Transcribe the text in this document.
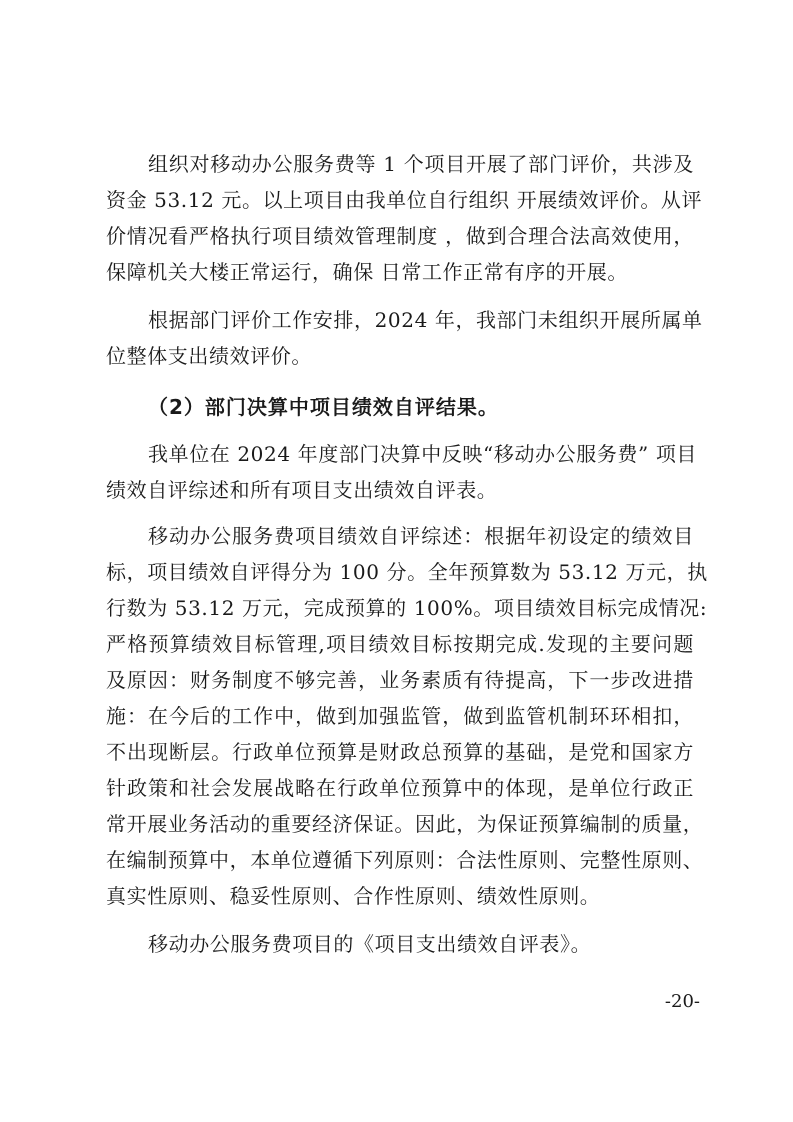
组织对移动办公服务费等 1 个项目开展了部门评价，共涉及
资金 53.12 元。以上项目由我单位自行组织 开展绩效评价。从评
价情况看严格执行项目绩效管理制度 ，做到合理合法高效使用，
保障机关大楼正常运行，确保 日常工作正常有序的开展。
根据部门评价工作安排，2024 年，我部门未组织开展所属单
位整体支出绩效评价。
（2）部门决算中项目绩效自评结果。
我单位在 2024 年度部门决算中反映“移动办公服务费” 项目
绩效自评综述和所有项目支出绩效自评表。
移动办公服务费项目绩效自评综述：根据年初设定的绩效目
标，项目绩效自评得分为 100 分。全年预算数为 53.12 万元，执
行数为 53.12 万元，完成预算的 100%。项目绩效目标完成情况:
严格预算绩效目标管理,项目绩效目标按期完成.发现的主要问题
及原因：财务制度不够完善，业务素质有待提高，下一步改进措
施：在今后的工作中，做到加强监管，做到监管机制环环相扣，
不出现断层。行政单位预算是财政总预算的基础，是党和国家方
针政策和社会发展战略在行政单位预算中的体现，是单位行政正
常开展业务活动的重要经济保证。因此，为保证预算编制的质量，
在编制预算中，本单位遵循下列原则：合法性原则、完整性原则、
真实性原则、稳妥性原则、合作性原则、绩效性原则。
移动办公服务费项目的《项目支出绩效自评表》。
-20-
